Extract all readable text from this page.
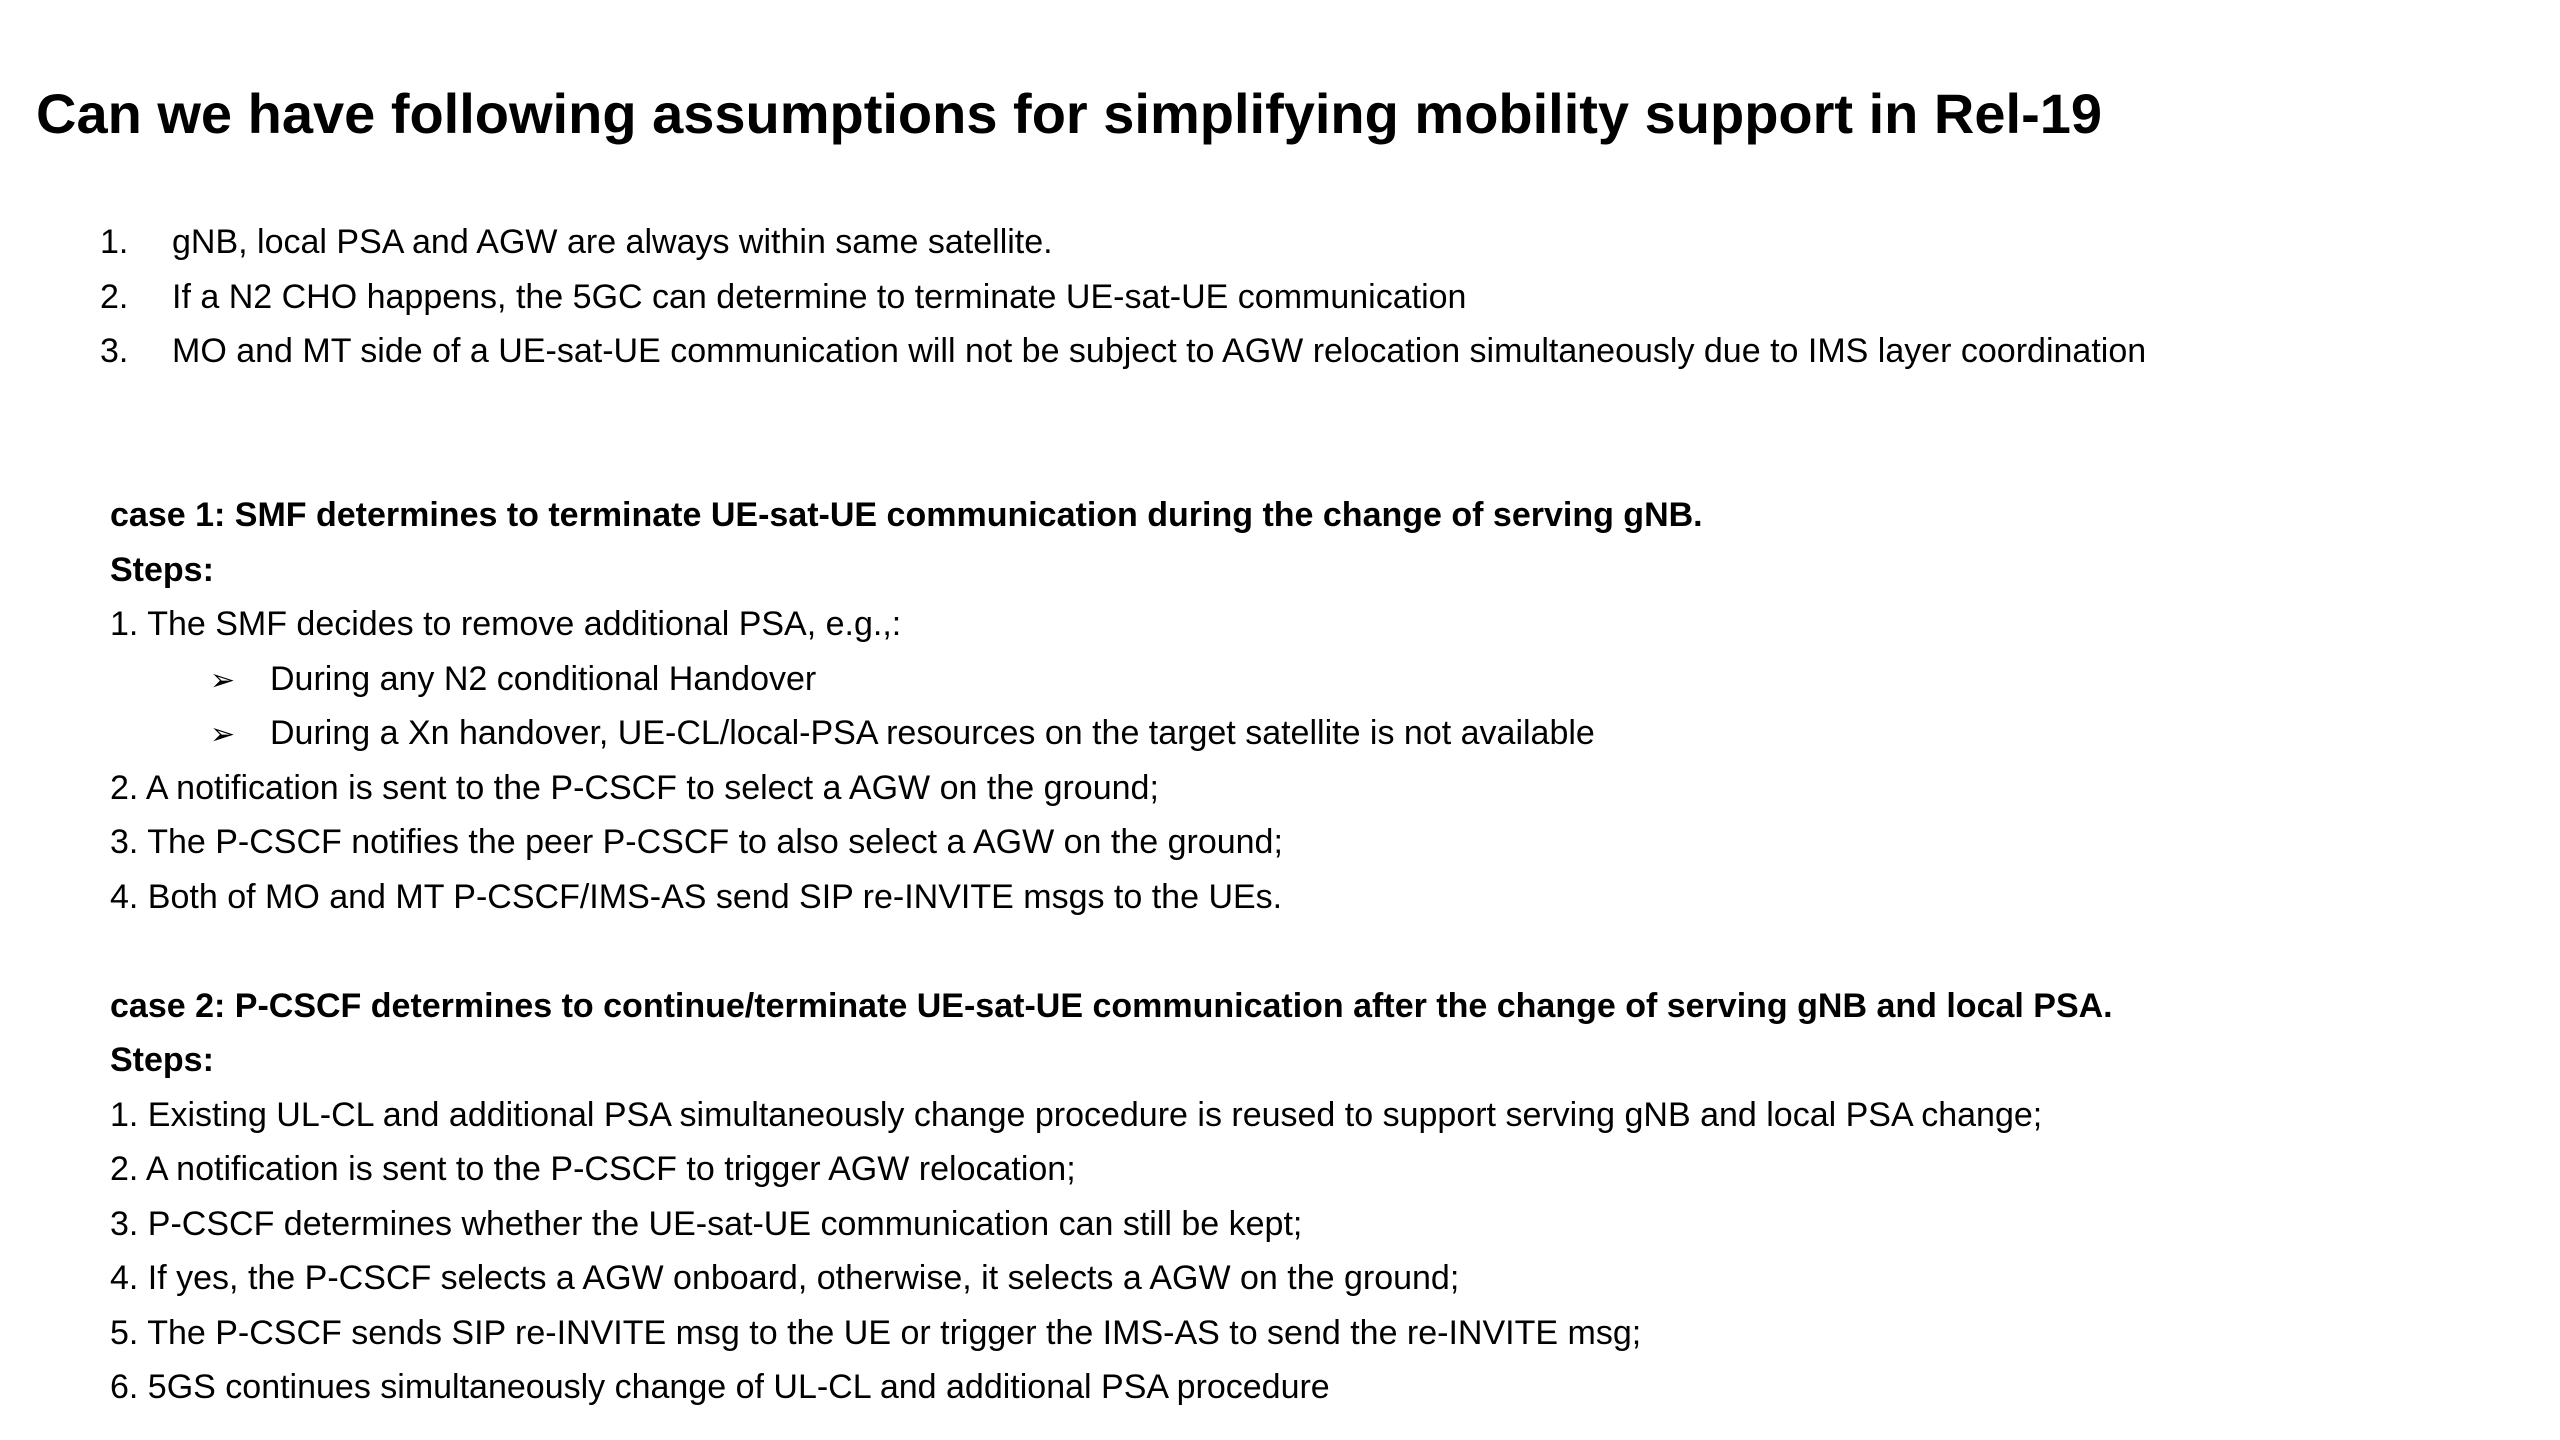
Can we have following assumptions for simplifying mobility support in Rel-19
1. gNB, local PSA and AGW are always within same satellite.
2. If a N2 CHO happens, the 5GC can determine to terminate UE-sat-UE communication
3. MO and MT side of a UE-sat-UE communication will not be subject to AGW relocation simultaneously due to IMS layer coordination
case 1: SMF determines to terminate UE-sat-UE communication during the change of serving gNB.
Steps:
1. The SMF decides to remove additional PSA, e.g.,:
➢ During any N2 conditional Handover
➢ During a Xn handover, UE-CL/local-PSA resources on the target satellite is not available
2. A notification is sent to the P-CSCF to select a AGW on the ground;
3. The P-CSCF notifies the peer P-CSCF to also select a AGW on the ground;
4. Both of MO and MT P-CSCF/IMS-AS send SIP re-INVITE msgs to the UEs.
case 2: P-CSCF determines to continue/terminate UE-sat-UE communication after the change of serving gNB and local PSA.
Steps:
1. Existing UL-CL and additional PSA simultaneously change procedure is reused to support serving gNB and local PSA change;
2. A notification is sent to the P-CSCF to trigger AGW relocation;
3. P-CSCF determines whether the UE-sat-UE communication can still be kept;
4. If yes, the P-CSCF selects a AGW onboard, otherwise, it selects a AGW on the ground;
5. The P-CSCF sends SIP re-INVITE msg to the UE or trigger the IMS-AS to send the re-INVITE msg;
6. 5GS continues simultaneously change of UL-CL and additional PSA procedure
